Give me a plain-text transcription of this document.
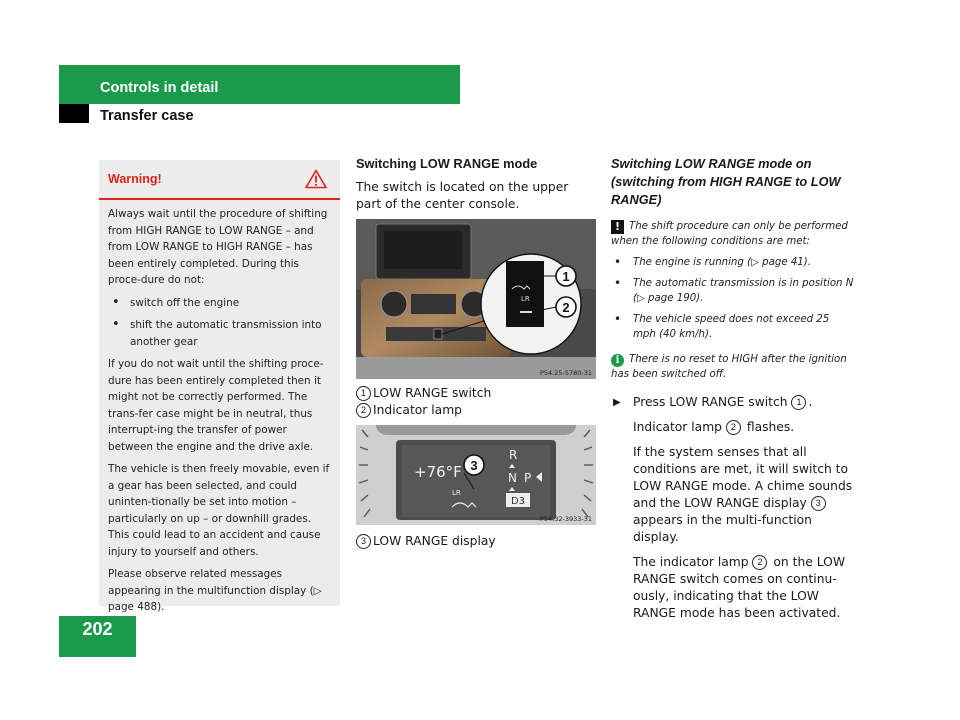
Controls in detail
Transfer case
202
Warning!

Always wait until the procedure of shifting from HIGH RANGE to LOW RANGE – and from LOW RANGE to HIGH RANGE – has been entirely completed. During this proce-dure do not:

• switch off the engine
• shift the automatic transmission into another gear

If you do not wait until the shifting proce-dure has been entirely completed then it might not be correctly performed. The trans-fer case might be in neutral, thus interrupt-ing the transfer of power between the engine and the drive axle.

The vehicle is then freely movable, even if a gear has been selected, and could uninten-tionally be set into motion – particularly on up – or downhill grades. This could lead to an accident and cause injury to yourself and others.

Please observe related messages appearing in the multifunction display (▷ page 488).

Switching LOW RANGE mode

The switch is located on the upper part of the center console.

LR
1
2
P54.25-5780-31
1 LOW RANGE switch
2 Indicator lamp
+76°F
LR
3
R
N P
D3
P54.32-3933-31
3 LOW RANGE display
Switching LOW RANGE mode on (switching from HIGH RANGE to LOW RANGE)

! The shift procedure can only be performed when the following conditions are met:

• The engine is running (▷ page 41).
• The automatic transmission is in position N (▷ page 190).
• The vehicle speed does not exceed 25 mph (40 km/h).

i There is no reset to HIGH after the ignition has been switched off.

▶ Press LOW RANGE switch 1 .

Indicator lamp 2 flashes.

If the system senses that all conditions are met, it will switch to LOW RANGE mode. A chime sounds and the LOW RANGE display 3 appears in the multi-function display.

The indicator lamp 2 on the LOW RANGE switch comes on continu-ously, indicating that the LOW RANGE mode has been activated.
